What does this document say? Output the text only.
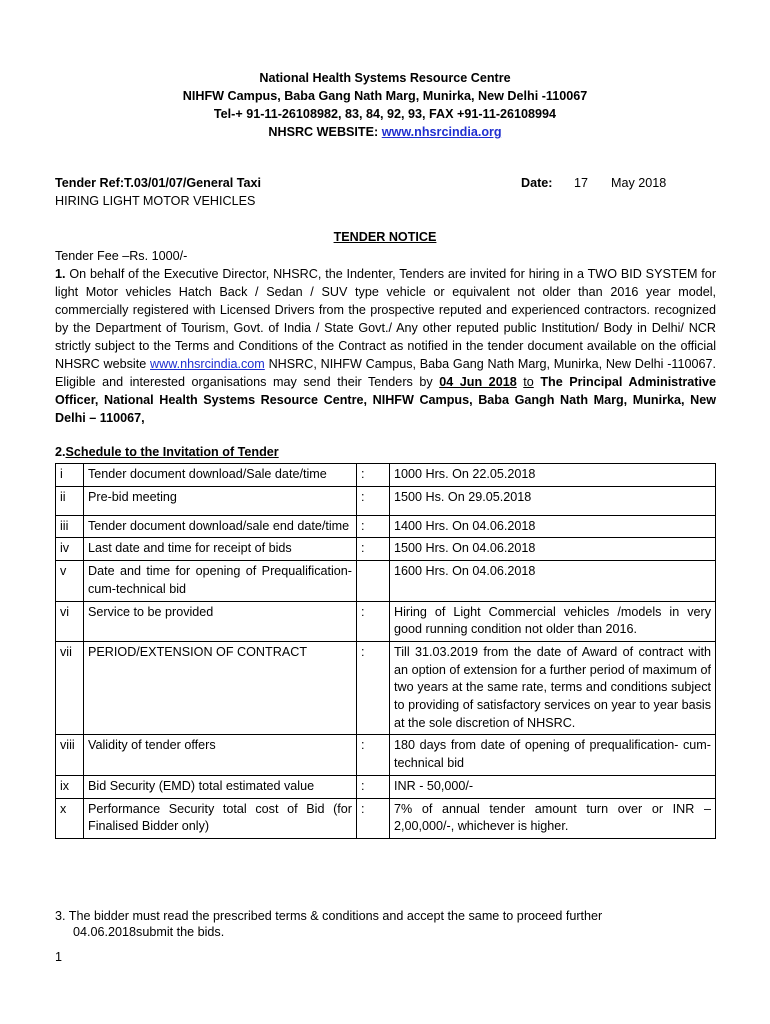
National Health Systems Resource Centre
NIHFW Campus, Baba Gang Nath Marg, Munirka, New Delhi -110067
Tel-+ 91-11-26108982, 83, 84, 92, 93, FAX +91-11-26108994
NHSRC WEBSITE: www.nhsrcindia.org
Tender Ref:T.03/01/07/General Taxi	Date: 17 May 2018
HIRING LIGHT MOTOR VEHICLES
TENDER NOTICE
Tender Fee –Rs. 1000/-
1. On behalf of the Executive Director, NHSRC, the Indenter, Tenders are invited for hiring in a TWO BID SYSTEM for light Motor vehicles Hatch Back / Sedan / SUV type vehicle or equivalent not older than 2016 year model, commercially registered with Licensed Drivers from the prospective reputed and experienced contractors. recognized by the Department of Tourism, Govt. of India / State Govt./ Any other reputed public Institution/ Body in Delhi/ NCR strictly subject to the Terms and Conditions of the Contract as notified in the tender document available on the official NHSRC website www.nhsrcindia.com NHSRC, NIHFW Campus, Baba Gang Nath Marg, Munirka, New Delhi -110067. Eligible and interested organisations may send their Tenders by 04 Jun 2018 to The Principal Administrative Officer, National Health Systems Resource Centre, NIHFW Campus, Baba Gangh Nath Marg, Munirka, New Delhi – 110067,
2.Schedule to the Invitation of Tender
i	Tender document download/Sale date/time	:	1000 Hrs. On 22.05.2018
ii	Pre-bid meeting	:	1500 Hs. On 29.05.2018
iii	Tender document download/sale end date/time	:	1400 Hrs. On 04.06.2018
iv	Last date and time for receipt of bids	:	1500 Hrs. On 04.06.2018
v	Date and time for opening of Prequalification-cum-technical bid		1600 Hrs. On 04.06.2018
vi	Service to be provided	:	Hiring of Light Commercial vehicles /models in very good running condition not older than 2016.
vii	PERIOD/EXTENSION OF CONTRACT	:	Till 31.03.2019 from the date of Award of contract with an option of extension for a further period of maximum of two years at the same rate, terms and conditions subject to providing of satisfactory services on year to year basis at the sole discretion of NHSRC.
viii	Validity of tender offers	:	180 days from date of opening of prequalification- cum-technical bid
ix	Bid Security (EMD) total estimated value	:	INR - 50,000/-
x	Performance Security total cost of Bid (for Finalised Bidder only)	:	7% of annual tender amount turn over or INR – 2,00,000/-, whichever is higher.
3. The bidder must read the prescribed terms & conditions and accept the same to proceed further
04.06.2018submit the bids.
1
